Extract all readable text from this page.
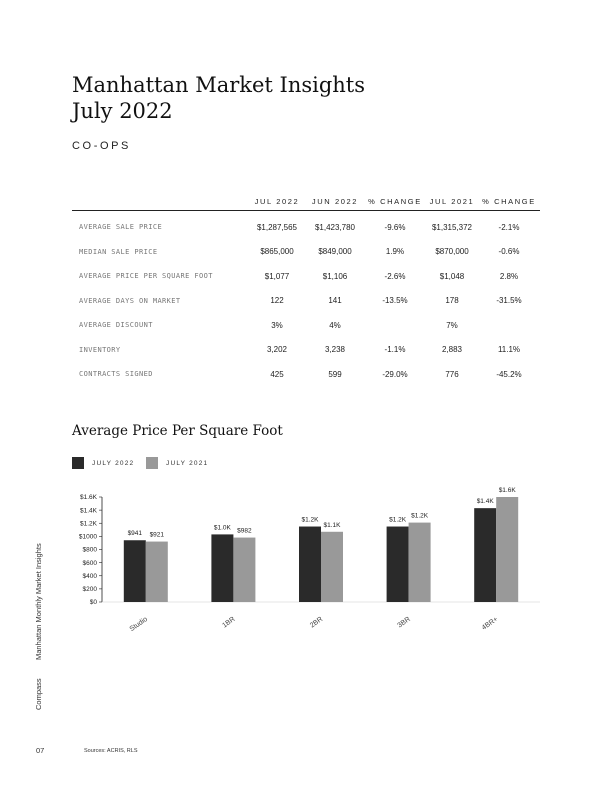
Manhattan Market Insights
July 2022
CO-OPS
	JUL 2022	JUN 2022	% CHANGE	JUL 2021	% CHANGE
AVERAGE SALE PRICE	$1,287,565	$1,423,780	-9.6%	$1,315,372	-2.1%
MEDIAN SALE PRICE	$865,000	$849,000	1.9%	$870,000	-0.6%
AVERAGE PRICE PER SQUARE FOOT	$1,077	$1,106	-2.6%	$1,048	2.8%
AVERAGE DAYS ON MARKET	122	141	-13.5%	178	-31.5%
AVERAGE DISCOUNT	3%	4%		7%	
INVENTORY	3,202	3,238	-1.1%	2,883	11.1%
CONTRACTS SIGNED	425	599	-29.0%	776	-45.2%
Average Price Per Square Foot
JULY 2022	JULY 2021
$0
$200
$400
$600
$800
$1000
$1.2K
$1.4K
$1.6K
$941 $921
Studio
$1.0K $982
1BR
$1.2K
$1.1K
2BR
$1.2K
$1.2K
3BR
$1.4K
$1.6K
4BR+
Manhattan Monthly Market Insights
Compass
07	Sources: ACRIS, RLS
